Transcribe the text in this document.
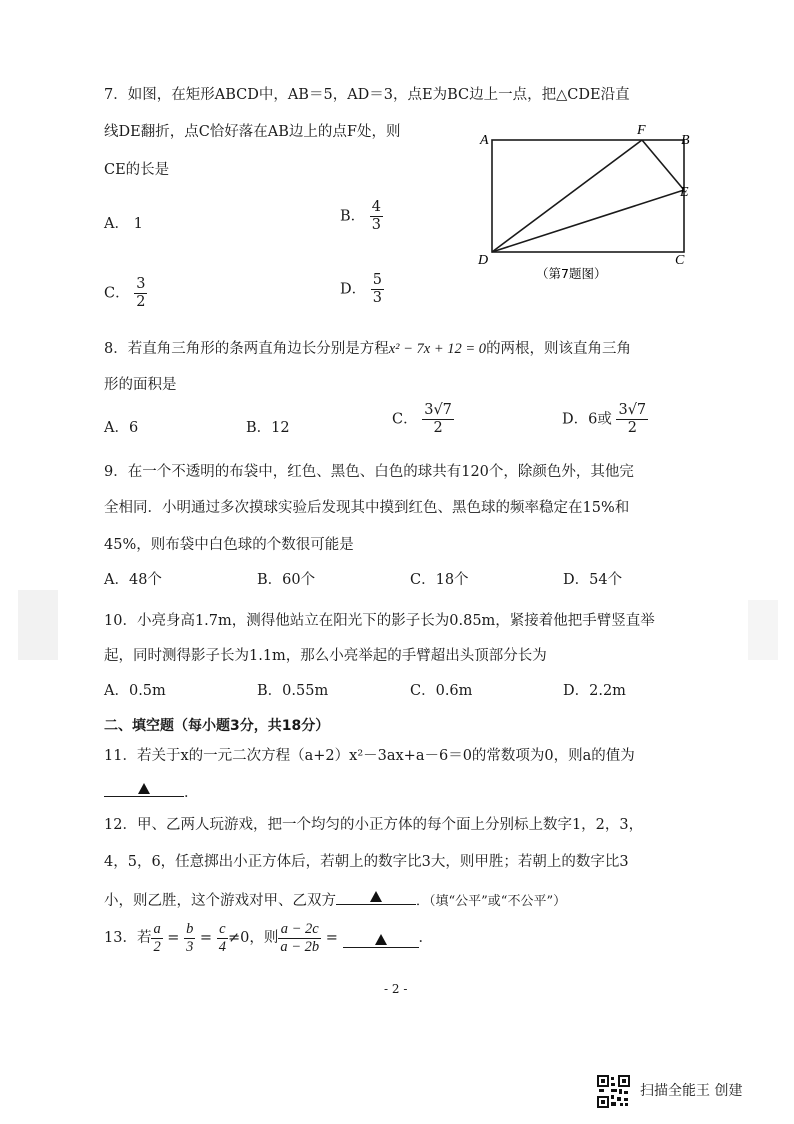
7．如图，在矩形ABCD中，AB＝5，AD＝3，点E为BC边上一点，把△CDE沿直
线DE翻折，点C恰好落在AB边上的点F处，则
CE的长是
A． 1	B． $\frac{4}{3}$
C． $\frac{3}{2}$	D． $\frac{5}{3}$
A
F
B
E
D	C
（第7题图）
8．若直角三角形的条两直角边长分别是方程x² − 7x + 12 = 0的两根，则该直角三角
形的面积是
A．6	B．12
C． $\frac{3√7}{2}$	D．6或 $\frac{3√7}{2}$
9．在一个不透明的布袋中，红色、黑色、白色的球共有120个，除颜色外，其他完
全相同．小明通过多次摸球实验后发现其中摸到红色、黑色球的频率稳定在15%和
45%，则布袋中白色球的个数很可能是
A．48个	B．60个	C．18个	D．54个
10．小亮身高1.7m，测得他站立在阳光下的影子长为0.85m，紧接着他把手臂竖直举
起，同时测得影子长为1.1m，那么小亮举起的手臂超出头顶部分长为
A．0.5m	B．0.55m	C．0.6m	D．2.2m
二、填空题（每小题3分，共18分）
11．若关于x的一元二次方程（a+2）x²－3ax+a－6＝0的常数项为0，则a的值为
．
12．甲、乙两人玩游戏，把一个均匀的小正方体的每个面上分别标上数字1，2，3，
4，5，6，任意掷出小正方体后，若朝上的数字比3大，则甲胜；若朝上的数字比3
小，则乙胜，这个游戏对甲、乙双方	．（填“公平”或“不公平”）
13．若 $\frac{a}{2} = \frac{b}{3} = \frac{c}{4} \ne 0$，则 $\frac{a - 2c}{a - 2b}$ =	．
- 2 -
扫描全能王 创建
